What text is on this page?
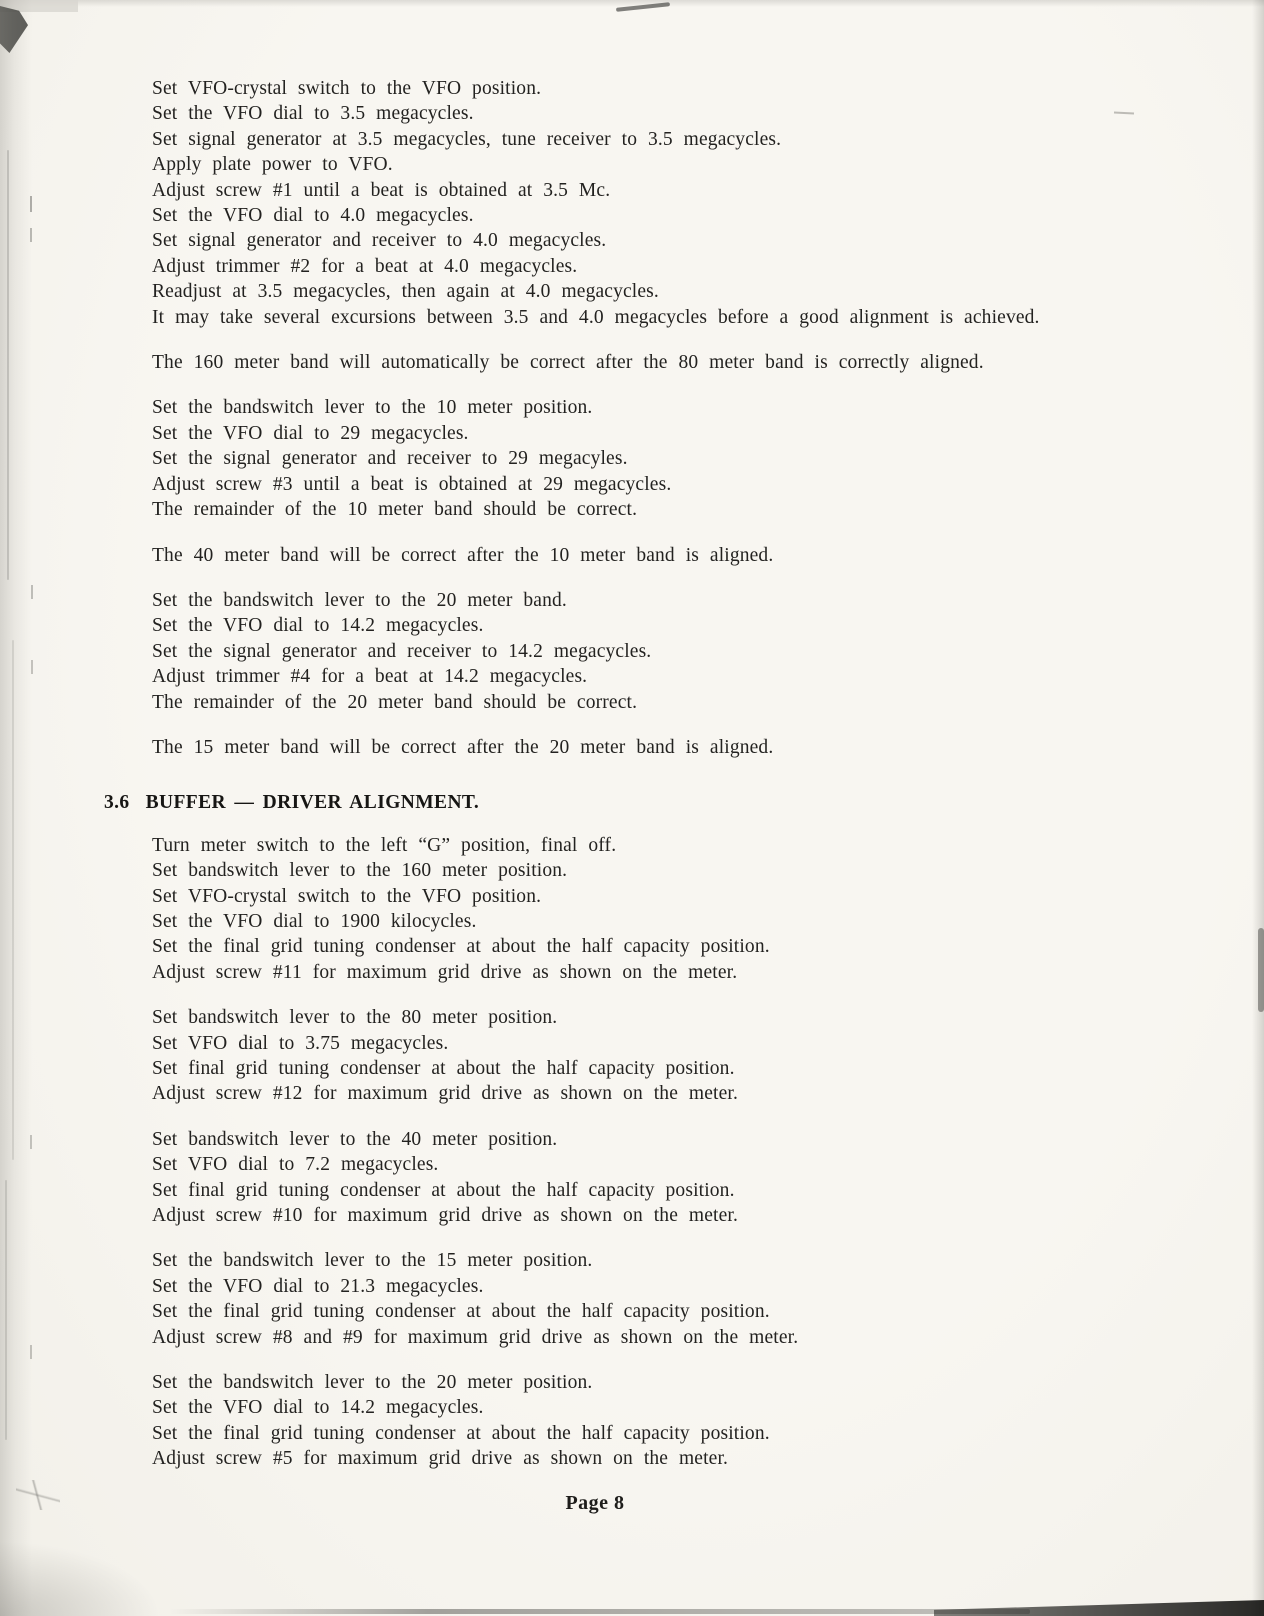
Set VFO-crystal switch to the VFO position.
Set the VFO dial to 3.5 megacycles.
Set signal generator at 3.5 megacycles, tune receiver to 3.5 megacycles.
Apply plate power to VFO.
Adjust screw #1 until a beat is obtained at 3.5 Mc.
Set the VFO dial to 4.0 megacycles.
Set signal generator and receiver to 4.0 megacycles.
Adjust trimmer #2 for a beat at 4.0 megacycles.
Readjust at 3.5 megacycles, then again at 4.0 megacycles.
It may take several excursions between 3.5 and 4.0 megacycles before a good alignment is achieved.
The 160 meter band will automatically be correct after the 80 meter band is correctly aligned.
Set the bandswitch lever to the 10 meter position.
Set the VFO dial to 29 megacycles.
Set the signal generator and receiver to 29 megacyles.
Adjust screw #3 until a beat is obtained at 29 megacycles.
The remainder of the 10 meter band should be correct.
The 40 meter band will be correct after the 10 meter band is aligned.
Set the bandswitch lever to the 20 meter band.
Set the VFO dial to 14.2 megacycles.
Set the signal generator and receiver to 14.2 megacycles.
Adjust trimmer #4 for a beat at 14.2 megacycles.
The remainder of the 20 meter band should be correct.
The 15 meter band will be correct after the 20 meter band is aligned.
3.6 BUFFER — DRIVER ALIGNMENT.
Turn meter switch to the left “G” position, final off.
Set bandswitch lever to the 160 meter position.
Set VFO-crystal switch to the VFO position.
Set the VFO dial to 1900 kilocycles.
Set the final grid tuning condenser at about the half capacity position.
Adjust screw #11 for maximum grid drive as shown on the meter.
Set bandswitch lever to the 80 meter position.
Set VFO dial to 3.75 megacycles.
Set final grid tuning condenser at about the half capacity position.
Adjust screw #12 for maximum grid drive as shown on the meter.
Set bandswitch lever to the 40 meter position.
Set VFO dial to 7.2 megacycles.
Set final grid tuning condenser at about the half capacity position.
Adjust screw #10 for maximum grid drive as shown on the meter.
Set the bandswitch lever to the 15 meter position.
Set the VFO dial to 21.3 megacycles.
Set the final grid tuning condenser at about the half capacity position.
Adjust screw #8 and #9 for maximum grid drive as shown on the meter.
Set the bandswitch lever to the 20 meter position.
Set the VFO dial to 14.2 megacycles.
Set the final grid tuning condenser at about the half capacity position.
Adjust screw #5 for maximum grid drive as shown on the meter.
Page 8
